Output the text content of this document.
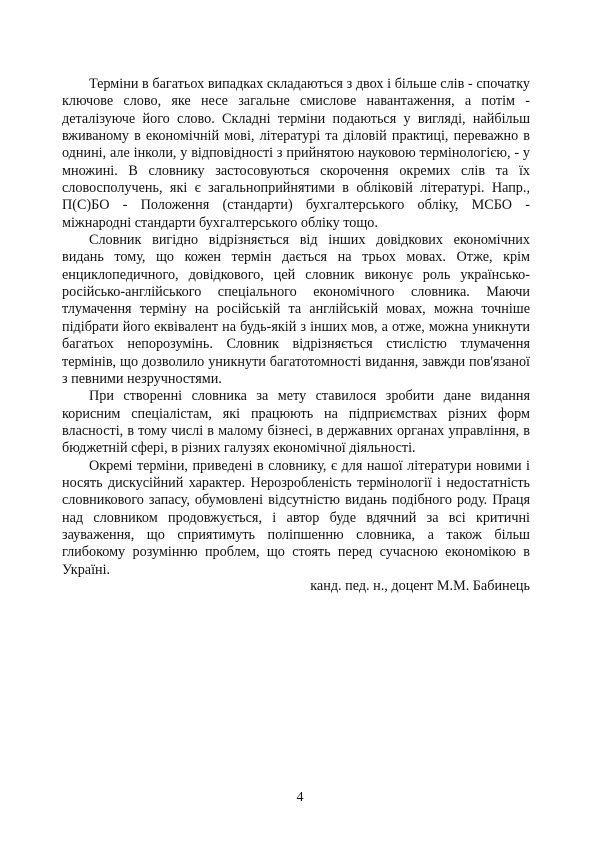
Терміни в багатьох випадках складаються з двох і більше слів - спочатку
ключове слово, яке несе загальне смислове навантаження, а потім -
деталізуюче його слово. Складні терміни подаються у вигляді, найбільш
вживаному в економічній мові, літературі та діловій практиці, переважно в
однині, але інколи, у відповідності з прийнятою науковою термінологією, - у
множині. В словнику застосовуються скорочення окремих слів та їх
словосполучень, які є загальноприйнятими в обліковій літературі. Напр.,
П(С)БО - Положення (стандарти) бухгалтерського обліку, МСБО -
міжнародні стандарти бухгалтерського обліку тощо.
Словник вигідно відрізняється від інших довідкових економічних
видань тому, що кожен термін дається на трьох мовах. Отже, крім
енциклопедичного, довідкового, цей словник виконує роль українсько-
російсько-англійського спеціального економічного словника. Маючи
тлумачення терміну на російській та англійській мовах, можна точніше
підібрати його еквівалент на будь-якій з інших мов, а отже, можна уникнути
багатьох непорозумінь. Словник відрізняється стислістю тлумачення
термінів, що дозволило уникнути багатотомності видання, завжди пов'язаної
з певними незручностями.
При створенні словника за мету ставилося зробити дане видання
корисним спеціалістам, які працюють на підприємствах різних форм
власності, в тому числі в малому бізнесі, в державних органах управління, в
бюджетній сфері, в різних галузях економічної діяльності.
Окремі терміни, приведені в словнику, є для нашої літератури новими і
носять дискусійний характер. Нерозробленість термінології і недостатність
словникового запасу, обумовлені відсутністю видань подібного роду. Праця
над словником продовжується, і автор буде вдячний за всі критичні
зауваження, що сприятимуть поліпшенню словника, а також більш
глибокому розумінню проблем, що стоять перед сучасною економікою в
Україні.
канд. пед. н., доцент М.М. Бабинець
4
